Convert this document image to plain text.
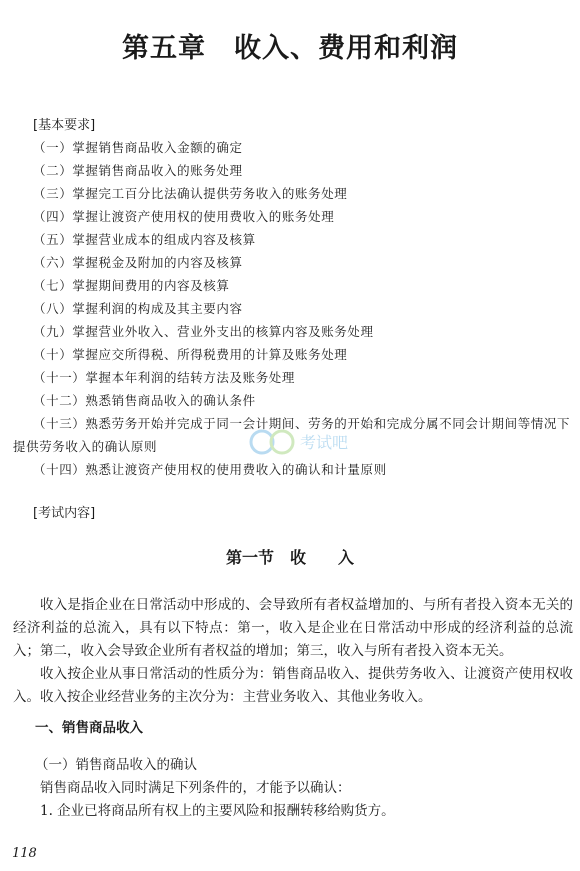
第五章　收入、费用和利润
[基本要求]
（一）掌握销售商品收入金额的确定
（二）掌握销售商品收入的账务处理
（三）掌握完工百分比法确认提供劳务收入的账务处理
（四）掌握让渡资产使用权的使用费收入的账务处理
（五）掌握营业成本的组成内容及核算
（六）掌握税金及附加的内容及核算
（七）掌握期间费用的内容及核算
（八）掌握利润的构成及其主要内容
（九）掌握营业外收入、营业外支出的核算内容及账务处理
（十）掌握应交所得税、所得税费用的计算及账务处理
（十一）掌握本年利润的结转方法及账务处理
（十二）熟悉销售商品收入的确认条件
（十三）熟悉劳务开始并完成于同一会计期间、劳务的开始和完成分属不同会计期间等情况下提供劳务收入的确认原则
（十四）熟悉让渡资产使用权的使用费收入的确认和计量原则
考试吧
[考试内容]
第一节　收　　入

收入是指企业在日常活动中形成的、会导致所有者权益增加的、与所有者投入资本无关的经济利益的总流入，具有以下特点：第一，收入是企业在日常活动中形成的经济利益的总流入；第二，收入会导致企业所有者权益的增加；第三，收入与所有者投入资本无关。

收入按企业从事日常活动的性质分为：销售商品收入、提供劳务收入、让渡资产使用权收入。收入按企业经营业务的主次分为：主营业务收入、其他业务收入。

一、销售商品收入
（一）销售商品收入的确认
销售商品收入同时满足下列条件的，才能予以确认：
1. 企业已将商品所有权上的主要风险和报酬转移给购货方。
118
